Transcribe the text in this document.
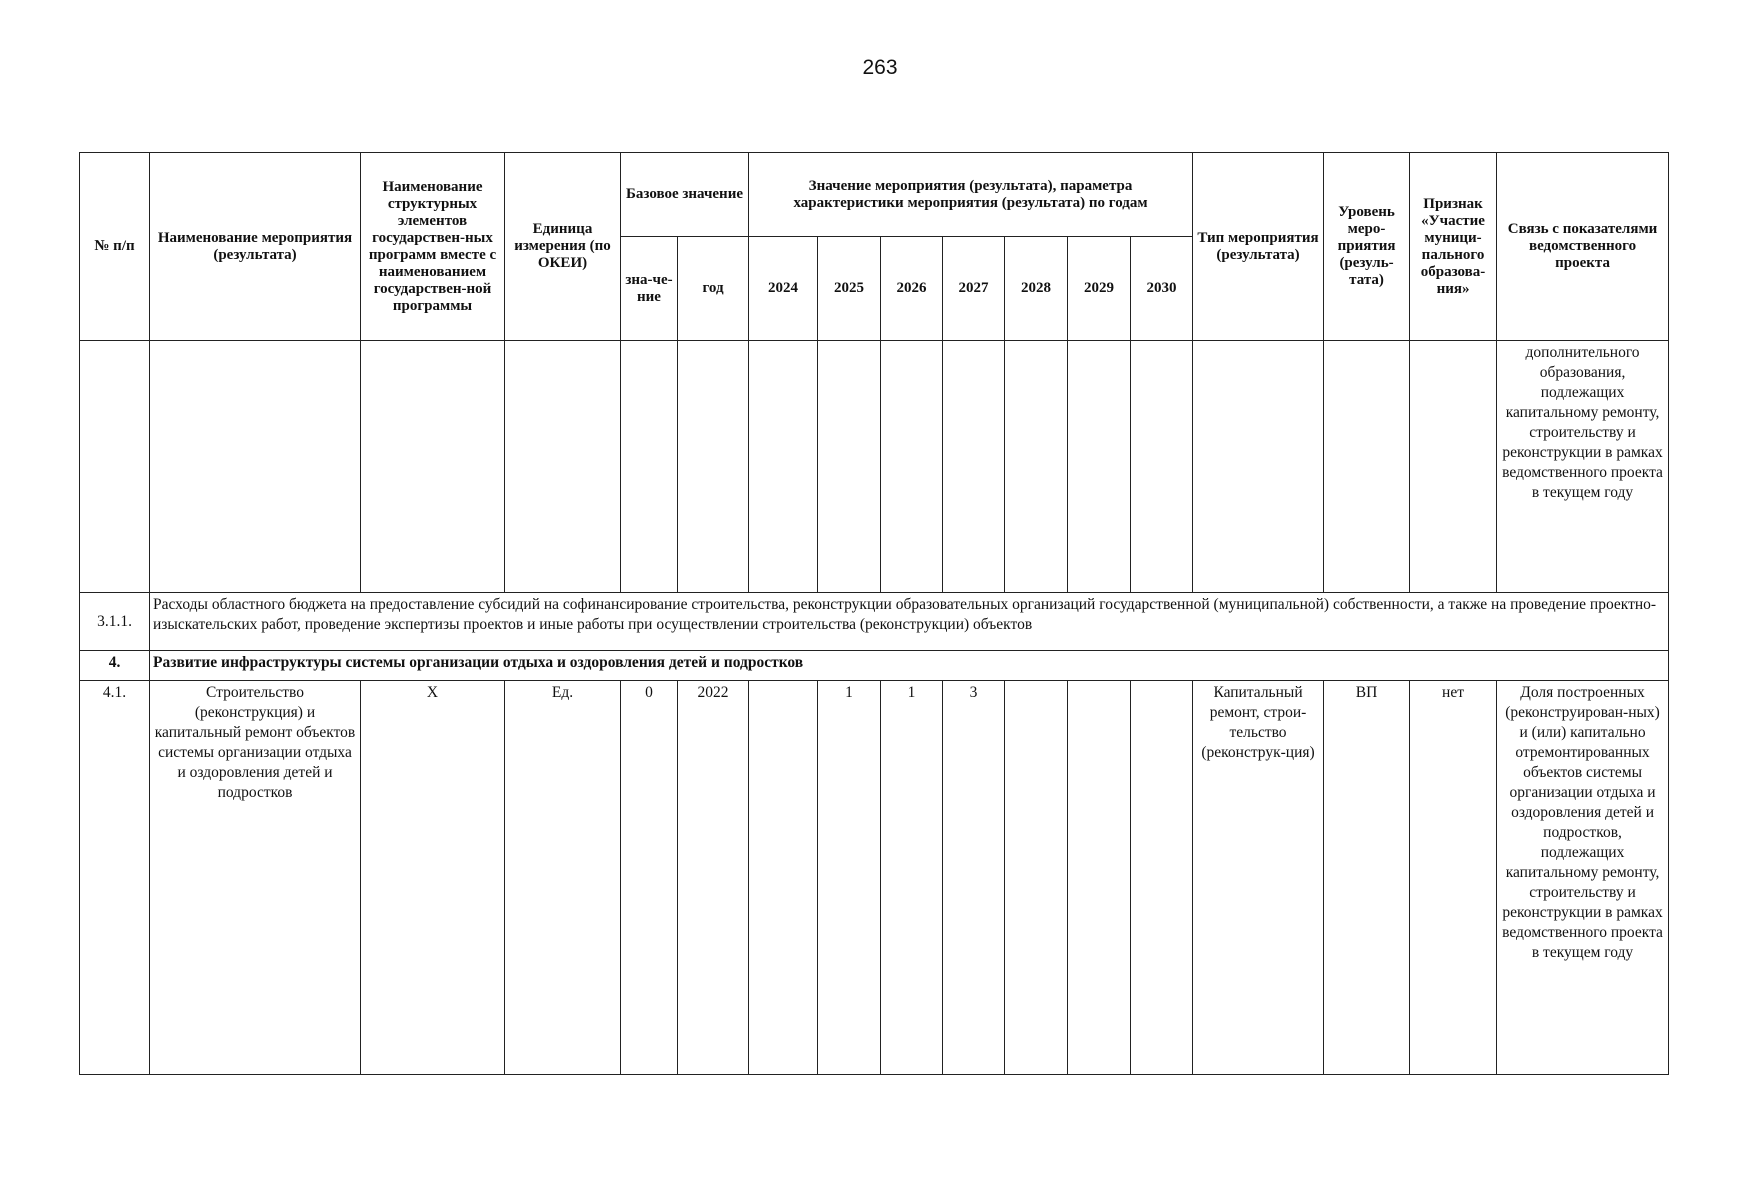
263
№ п/п	Наименование мероприятия (результата)	Наименование структурных элементов государствен-ных программ вместе с наименованием государствен-ной программы	Единица измерения (по ОКЕИ)	Базовое значение		Значение мероприятия (результата), параметра характеристики мероприятия (результата) по годам							Тип мероприятия (результата)	Уровень меро-приятия (резуль-тата)	Признак «Участие муници-пального образова-ния»	Связь с показателями ведомственного проекта
				зна-че-ние	год	2024	2025	2026	2027	2028	2029	2030				
																дополнительного образования, подлежащих капитальному ремонту, строительству и реконструкции в рамках ведомственного проекта в текущем году
3.1.1.	Расходы областного бюджета на предоставление субсидий на софинансирование строительства, реконструкции образовательных организаций государственной (муниципальной) собственности, а также на проведение проектно-изыскательских работ, проведение экспертизы проектов и иные работы при осуществлении строительства (реконструкции) объектов															
4.	Развитие инфраструктуры системы организации отдыха и оздоровления детей и подростков															
4.1.	Строительство (реконструкция) и капитальный ремонт объектов системы организации отдыха и оздоровления детей и подростков	X	Ед.	0	2022		1	1	3				Капитальный ремонт, строи-тельство (реконструк-ция)	ВП	нет	Доля построенных (реконструирован-ных) и (или) капитально отремонтированных объектов системы организации отдыха и оздоровления детей и подростков, подлежащих капитальному ремонту, строительству и реконструкции в рамках ведомственного проекта в текущем году
